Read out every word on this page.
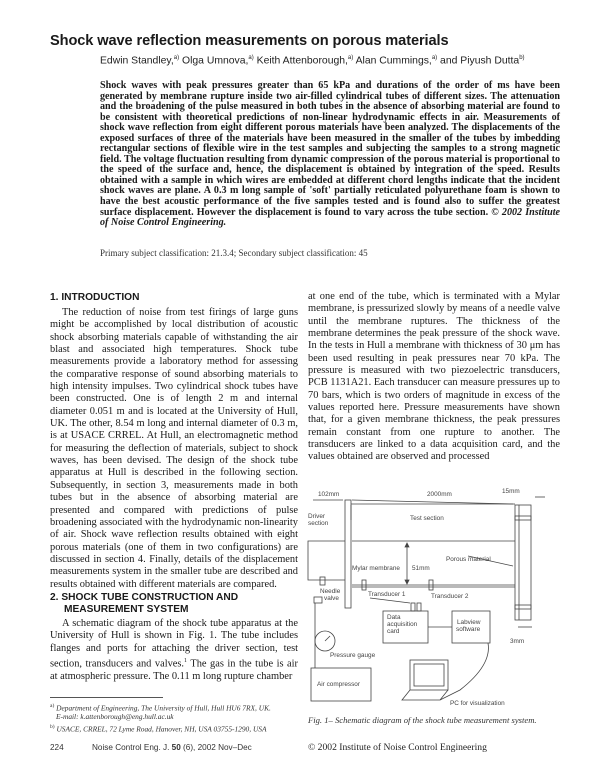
Shock wave reflection measurements on porous materials
Edwin Standley,$^{a)}$ Olga Umnova,$^{a)}$ Keith Attenborough,$^{a)}$ Alan Cummings,$^{a)}$ and Piyush Dutta$^{b)}$
Shock waves with peak pressures greater than 65 kPa and durations of the order of ms have been generated by membrane rupture inside two air-filled cylindrical tubes of different sizes. The attenuation and the broadening of the pulse measured in both tubes in the absence of absorbing material are found to be consistent with theoretical predictions of non-linear hydrodynamic effects in air. Measurements of shock wave reflection from eight different porous materials have been analyzed. The displacements of the exposed surfaces of three of the materials have been measured in the smaller of the tubes by imbedding rectangular sections of flexible wire in the test samples and subjecting the samples to a strong magnetic field. The voltage fluctuation resulting from dynamic compression of the porous material is proportional to the speed of the surface and, hence, the displacement is obtained by integration of the speed. Results obtained with a sample in which wires are embedded at different chord lengths indicate that the incident shock waves are plane. A 0.3 m long sample of 'soft' partially reticulated polyurethane foam is shown to have the best acoustic performance of the five samples tested and is found also to suffer the greatest surface displacement. However the displacement is found to vary across the tube section. © 2002 Institute of Noise Control Engineering.
Primary subject classification: 21.3.4; Secondary subject classification: 45
1. INTRODUCTION

The reduction of noise from test firings of large guns might be accomplished by local distribution of acoustic shock absorbing materials capable of withstanding the air blast and associated high temperatures. Shock tube measurements provide a laboratory method for assessing the comparative response of sound absorbing materials to high intensity impulses. Two cylindrical shock tubes have been constructed. One is of length 2 m and internal diameter 0.051 m and is located at the University of Hull, UK. The other, 8.54 m long and internal diameter of 0.3 m, is at USACE CRREL. At Hull, an electromagnetic method for measuring the deflection of materials, subject to shock waves, has been devised. The design of the shock tube apparatus at Hull is described in the following section. Subsequently, in section 3, measurements made in both tubes but in the absence of absorbing material are presented and compared with predictions of pulse broadening associated with the hydrodynamic non-linearity of air. Shock wave reflection results obtained with eight porous materials (one of them in two configurations) are discussed in section 4. Finally, details of the displacement measurements system in the smaller tube are described and results obtained with different materials are compared.

2. SHOCK TUBE CONSTRUCTION AND
MEASUREMENT SYSTEM

A schematic diagram of the shock tube apparatus at the University of Hull is shown in Fig. 1. The tube includes flanges and ports for attaching the driver section, test section, transducers and valves.$^1$ The gas in the tube is air at atmospheric pressure. The 0.11 m long rupture chamber

$^{a)}$ Department of Engineering, The University of Hull, Hull HU6 7RX, UK.
E-mail: k.attenborough@eng.hull.ac.uk
$^{b)}$ USACE, CRREL, 72 Lyme Road, Hanover, NH, USA 03755-1290, USA
224	Noise Control Eng. J. 50 (6), 2002 Nov–Dec

at one end of the tube, which is terminated with a Mylar membrane, is pressurized slowly by means of a needle valve until the membrane ruptures. The thickness of the membrane determines the peak pressure of the shock wave. In the tests in Hull a membrane with thickness of 30 μm has been used resulting in peak pressures near 70 kPa. The pressure is measured with two piezoelectric transducers, PCB 1131A21. Each transducer can measure pressures up to 70 bars, which is two orders of magnitude in excess of the values reported here. Pressure measurements have shown that, for a given membrane thickness, the peak pressures remain constant from one rupture to another. The transducers are linked to a data acquisition card, and the values obtained are observed and processed

102mm	2000mm	15mm
Driver
section
Test section
Porous material
Mylar membrane 51mm
Needle
valve
Transducer 1	Transducer 2
Data
acquisition
card
Labview
software
3mm
Pressure gauge
Air compressor
PC for visualization
Fig. 1– Schematic diagram of the shock tube measurement system.
© 2002 Institute of Noise Control Engineering
